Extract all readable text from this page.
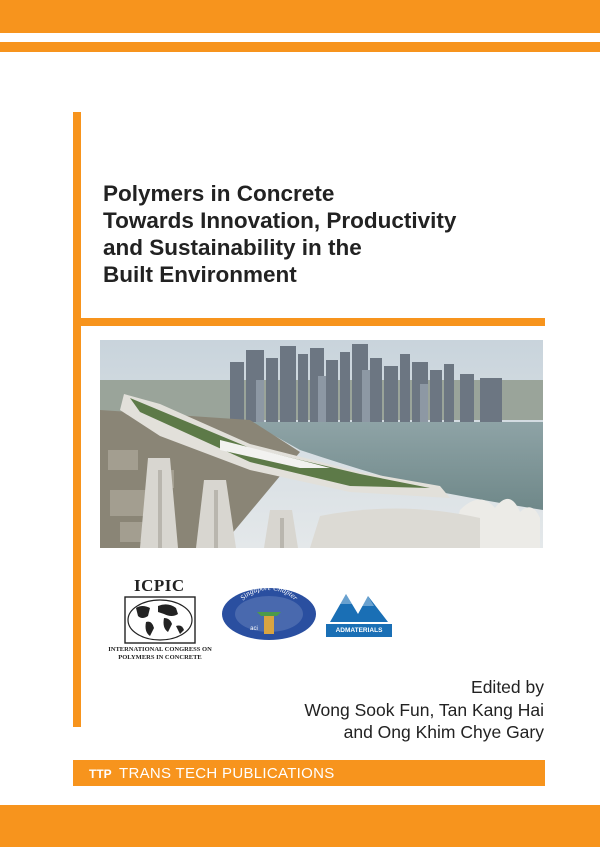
Polymers in Concrete
Towards Innovation, Productivity
and Sustainability in the
Built Environment
ICPIC
INTERNATIONAL CONGRESS ON
POLYMERS IN CONCRETE
Singapore Chapter
aci	ADMATERIALS
Edited by
Wong Sook Fun, Tan Kang Hai
and Ong Khim Chye Gary
TTP TRANS TECH PUBLICATIONS
